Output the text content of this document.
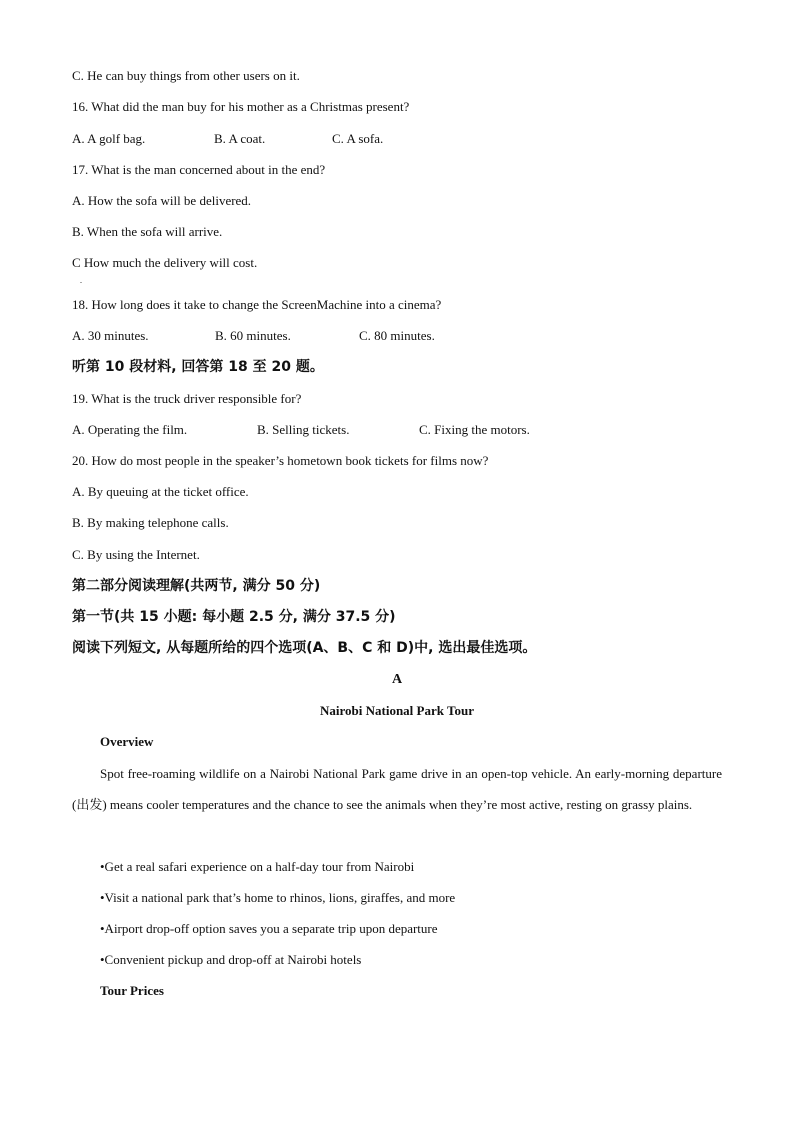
C. He can buy things from other users on it.
16. What did the man buy for his mother as a Christmas present?
A. A golf bag.	B. A coat.	C. A sofa.
17. What is the man concerned about in the end?
A. How the sofa will be delivered.
B. When the sofa will arrive.
C How much the delivery will cost.
.
18. How long does it take to change the ScreenMachine into a cinema?
A. 30 minutes.	B. 60 minutes.	C. 80 minutes.
听第 10 段材料, 回答第 18 至 20 题。
19. What is the truck driver responsible for?
A. Operating the film.	B. Selling tickets.	C. Fixing the motors.
20. How do most people in the speaker’s hometown book tickets for films now?
A. By queuing at the ticket office.
B. By making telephone calls.
C. By using the Internet.
第二部分阅读理解(共两节, 满分 50 分)
第一节(共 15 小题: 每小题 2.5 分, 满分 37.5 分)
阅读下列短文, 从每题所给的四个选项(A、B、C 和 D)中, 选出最佳选项。
A
Nairobi National Park Tour
Overview
Spot free-roaming wildlife on a Nairobi National Park game drive in an open-top vehicle. An early-morning departure (出发) means cooler temperatures and the chance to see the animals when they’re most active, resting on grassy plains.
•Get a real safari experience on a half-day tour from Nairobi
•Visit a national park that’s home to rhinos, lions, giraffes, and more
•Airport drop-off option saves you a separate trip upon departure
•Convenient pickup and drop-off at Nairobi hotels
Tour Prices
